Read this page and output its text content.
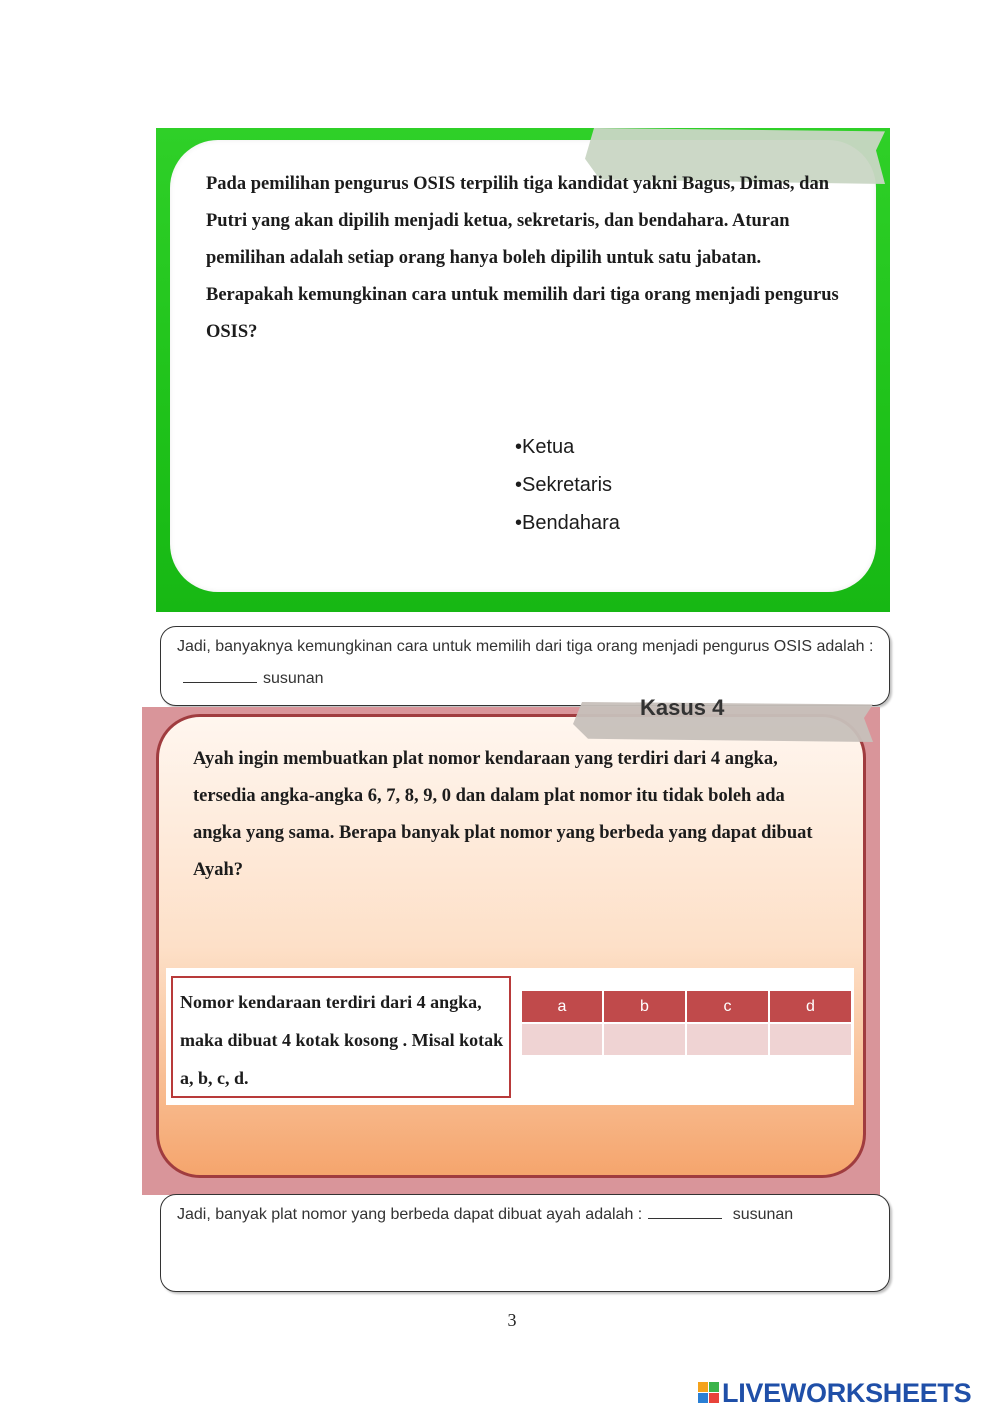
Pada pemilihan pengurus OSIS terpilih tiga kandidat yakni Bagus, Dimas, dan Putri yang akan dipilih menjadi ketua, sekretaris, dan bendahara. Aturan pemilihan adalah setiap orang hanya boleh dipilih untuk satu jabatan. Berapakah kemungkinan cara untuk memilih dari tiga orang menjadi pengurus OSIS?
•Ketua
•Sekretaris
•Bendahara
Jadi, banyaknya kemungkinan cara untuk memilih dari tiga orang menjadi pengurus OSIS adalah :susunan
Ayah ingin membuatkan plat nomor kendaraan yang terdiri dari 4 angka, tersedia angka-angka 6, 7, 8, 9, 0 dan dalam plat nomor itu tidak boleh ada angka yang sama. Berapa banyak plat nomor yang berbeda yang dapat dibuat Ayah?
Nomor kendaraan terdiri dari 4 angka, maka dibuat 4 kotak kosong . Misal kotak a, b, c, d.
a	b	c	d
Jadi, banyak plat nomor yang berbeda dapat dibuat ayah adalah :	susunan
3
LIVEWORKSHEETS
